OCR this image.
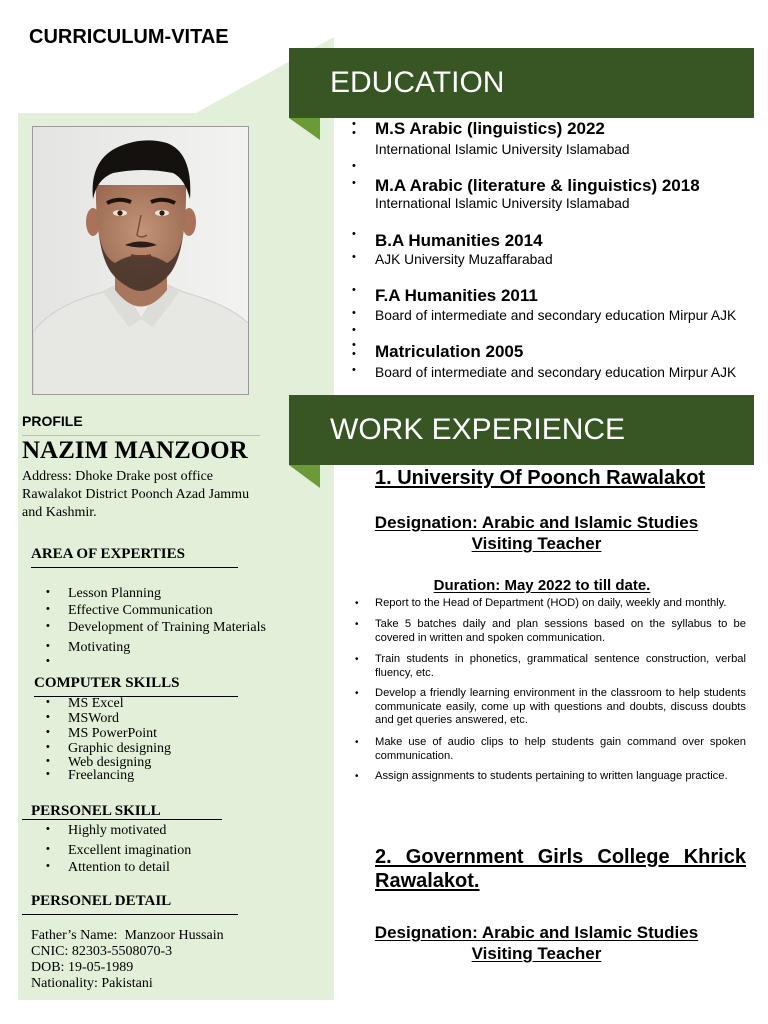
CURRICULUM-VITAE
PROFILE
NAZIM MANZOOR
Address: Dhoke Drake post office Rawalakot District Poonch Azad Jammu and Kashmir.
AREA OF EXPERTIES
• Lesson Planning
• Effective Communication
• Development of Training Materials
• Motivating
•
COMPUTER SKILLS
• MS Excel
• MSWord
• MS PowerPoint
• Graphic designing
• Web designing
• Freelancing
PERSONEL SKILL
• Highly motivated
• Excellent imagination
• Attention to detail
PERSONEL DETAIL
Father’s Name:  Manzoor Hussain
CNIC: 82303-5508070-3
DOB: 19-05-1989
Nationality: Pakistani
EDUCATION
•
• M.S Arabic (linguistics) 2022
International Islamic University Islamabad
•
• M.A Arabic (literature & linguistics) 2018
International Islamic University Islamabad
• B.A Humanities 2014
• AJK University Muzaffarabad
• F.A Humanities 2011
• Board of intermediate and secondary education Mirpur AJK
•
•
• Matriculation 2005
• Board of intermediate and secondary education Mirpur AJK
WORK EXPERIENCE
1. University Of Poonch Rawalakot
Designation: Arabic and Islamic Studies Visiting Teacher
Duration: May 2022 to till date.
• Report to the Head of Department (HOD) on daily, weekly and monthly.
• Take 5 batches daily and plan sessions based on the syllabus to be covered in written and spoken communication.
• Train students in phonetics, grammatical sentence construction, verbal fluency, etc.
• Develop a friendly learning environment in the classroom to help students communicate easily, come up with questions and doubts, discuss doubts and get queries answered, etc.
• Make use of audio clips to help students gain command over spoken communication.
• Assign assignments to students pertaining to written language practice.
2. Government Girls College Khrick Rawalakot.
Designation: Arabic and Islamic Studies Visiting Teacher
